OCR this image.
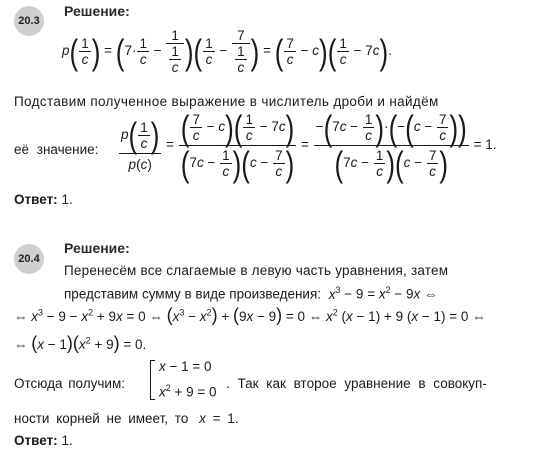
20.3
Решение:
$p( \frac{1}{c}$ ) = ($7\cdot \frac{1}{c} - \frac{1}{\frac{1}{c}}$ )( $\frac{1}{c} - \frac{7}{\frac{1}{c}}$ ) = ( $\frac{7}{c} - c)( \frac{1}{c} - 7c)$.
Подставим полученное выражение в числитель дроби и найдём
её значение: $\frac{p( \frac{1}{c} )}{p(c)} = \frac{( \frac{7}{c} - c)( \frac{1}{c} - 7c)}{(7c - \frac{1}{c} )(c - \frac{7}{c} )} = \frac{-(7c - \frac{1}{c} )\cdot(-(c - \frac{7}{c} ))}{(7c - \frac{1}{c} )(c - \frac{7}{c} )} = 1$.
Ответ: 1.
20.4
Решение:
Перенесём все слагаемые в левую часть уравнения, затем
представим сумму в виде произведения: $x^3 - 9 = x^2 - 9x$ ⇔
⇔ $x^3 - 9 - x^2 + 9x = 0$ ⇔ $(x^3 - x^2) + (9x - 9) = 0$ ⇔ $x^2$ (x − 1) + 9 (x − 1) = 0 ⇔
⇔ $(x - 1)(x^2 + 9) = 0$.
Отсюда получим:
x − 1 = 0
$x^2 + 9 = 0$
. Так как второе уравнение в совокуп-
ности корней не имеет, то x = 1.
Ответ: 1.
